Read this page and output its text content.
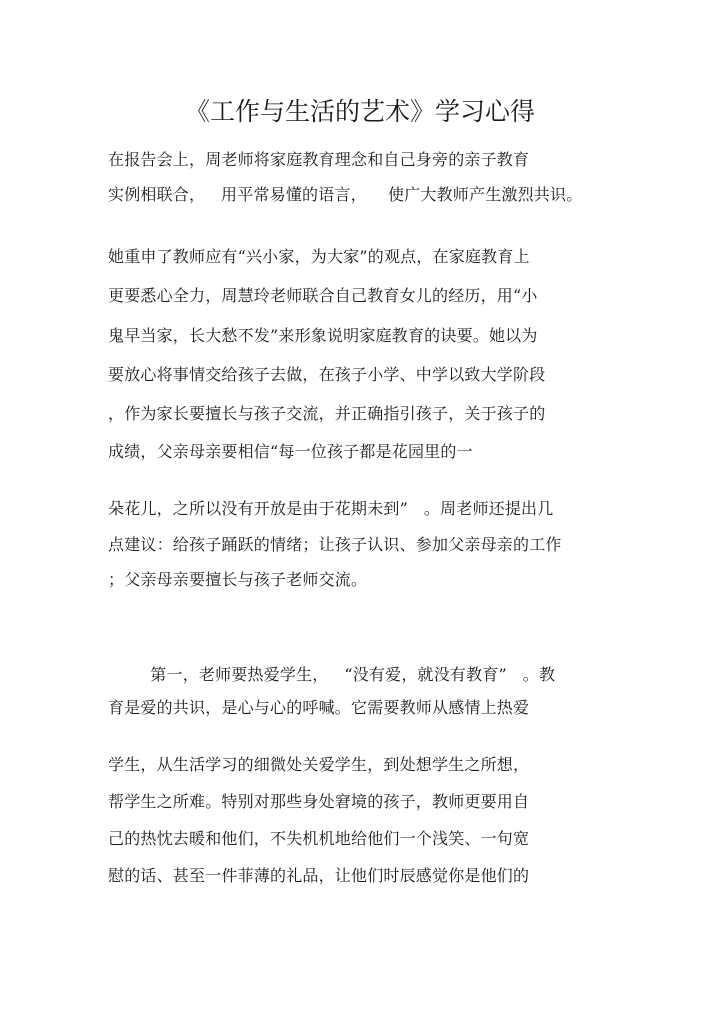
《工作与生活的艺术》学习心得
在报告会上，周老师将家庭教育理念和自己身旁的亲子教育
实例相联合，   用平常易懂的语言，    使广大教师产生激烈共识。
她重申了教师应有“兴小家，为大家”的观点，在家庭教育上
更要悉心全力，周慧玲老师联合自己教育女儿的经历，用“小
鬼早当家，长大愁不发”来形象说明家庭教育的诀要。她以为
要放心将事情交给孩子去做，在孩子小学、中学以致大学阶段
，作为家长要擅长与孩子交流，并正确指引孩子，关于孩子的
成绩，父亲母亲要相信“每一位孩子都是花园里的一
朵花儿，之所以没有开放是由于花期未到”   。周老师还提出几
点建议：给孩子踊跃的情绪；让孩子认识、参加父亲母亲的工作
；父亲母亲要擅长与孩子老师交流。
第一，老师要热爱学生，   “没有爱，就没有教育”   。教
育是爱的共识，是心与心的呼喊。它需要教师从感情上热爱
学生，从生活学习的细微处关爱学生，到处想学生之所想，
帮学生之所难。特别对那些身处窘境的孩子，教师更要用自
己的热忱去暖和他们，不失机机地给他们一个浅笑、一句宽
慰的话、甚至一件菲薄的礼品，让他们时辰感觉你是他们的
